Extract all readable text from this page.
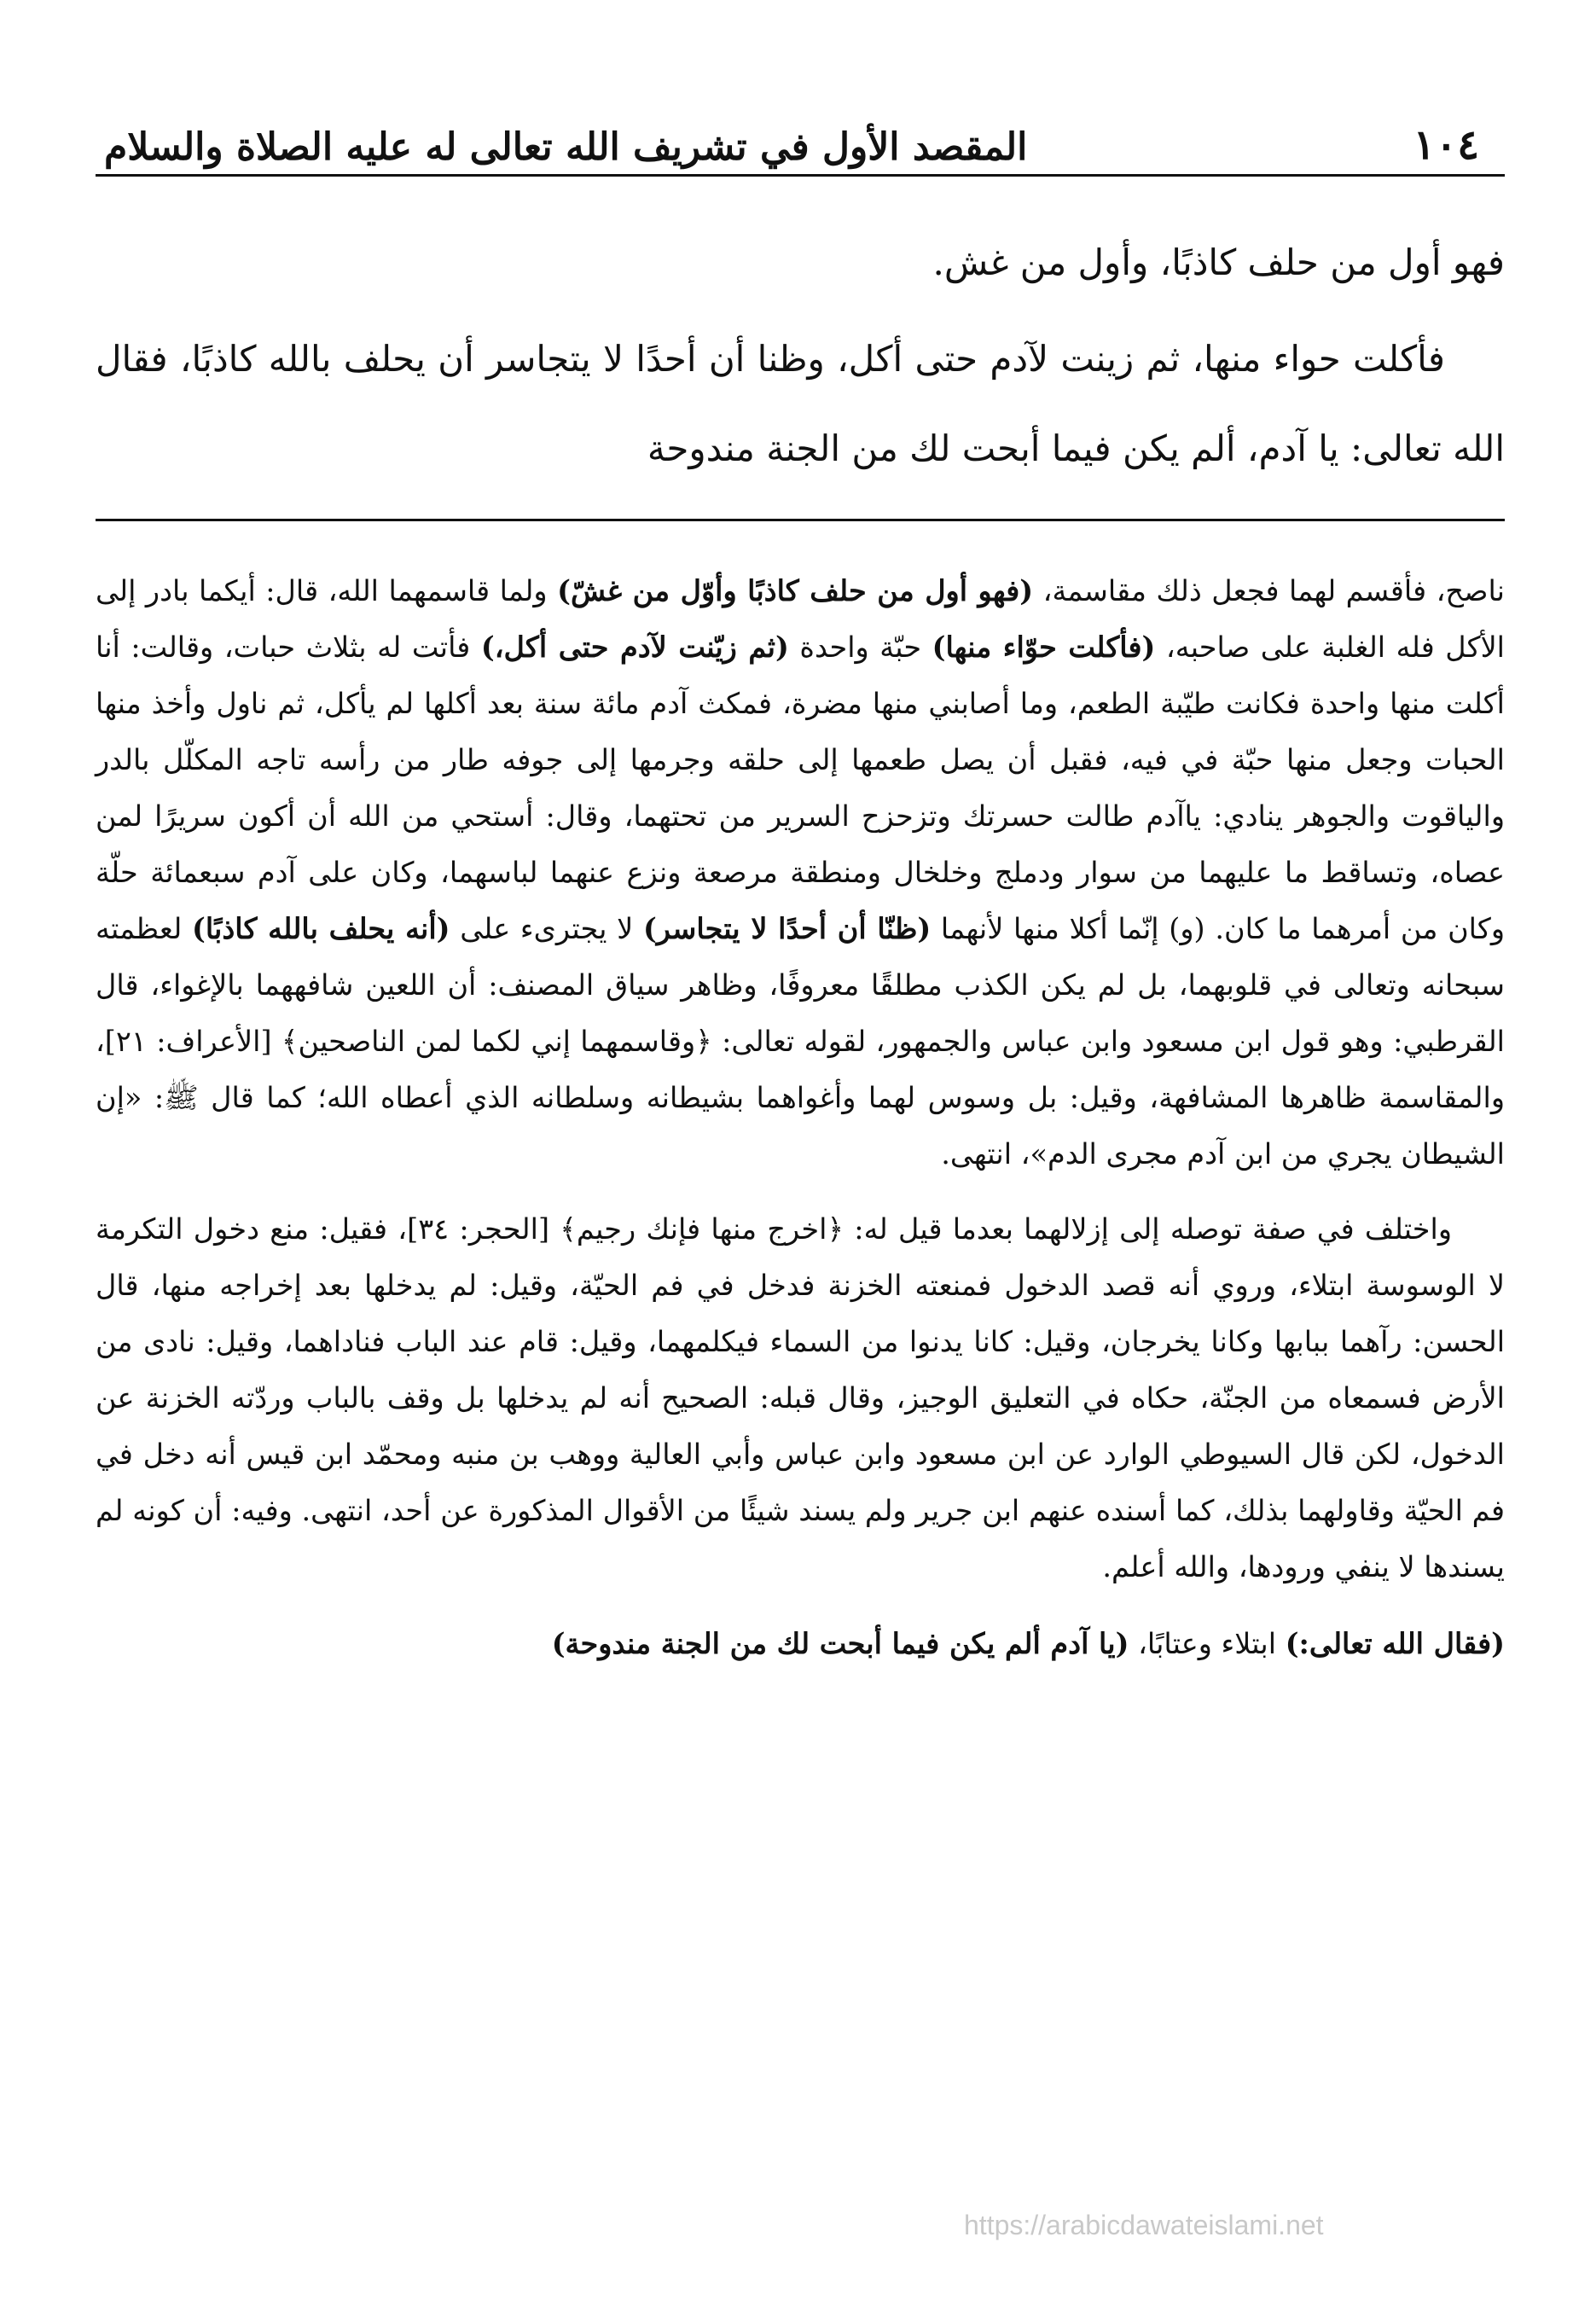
١٠٤
المقصد الأول في تشريف الله تعالى له عليه الصلاة والسلام

فهو أول من حلف كاذبًا، وأول من غش.

فأكلت حواء منها، ثم زينت لآدم حتى أكل، وظنا أن أحدًا لا يتجاسر أن يحلف بالله كاذبًا، فقال الله تعالى: يا آدم، ألم يكن فيما أبحت لك من الجنة مندوحة

ناصح، فأقسم لهما فجعل ذلك مقاسمة، (فهو أول من حلف كاذبًا وأوّل من غشّ) ولما قاسمهما الله، قال: أيكما بادر إلى الأكل فله الغلبة على صاحبه، (فأكلت حوّاء منها) حبّة واحدة (ثم زيّنت لآدم حتى أكل،) فأتت له بثلاث حبات، وقالت: أنا أكلت منها واحدة فكانت طيّبة الطعم، وما أصابني منها مضرة، فمكث آدم مائة سنة بعد أكلها لم يأكل، ثم ناول وأخذ منها الحبات وجعل منها حبّة في فيه، فقبل أن يصل طعمها إلى حلقه وجرمها إلى جوفه طار من رأسه تاجه المكلّل بالدر والياقوت والجوهر ينادي: ياآدم طالت حسرتك وتزحزح السرير من تحتهما، وقال: أستحي من الله أن أكون سريرًا لمن عصاه، وتساقط ما عليهما من سوار ودملج وخلخال ومنطقة مرصعة ونزع عنهما لباسهما، وكان على آدم سبعمائة حلّة وكان من أمرهما ما كان. (و) إنّما أكلا منها لأنهما (ظنّا أن أحدًا لا يتجاسر) لا يجترىء على (أنه يحلف بالله كاذبًا) لعظمته سبحانه وتعالى في قلوبهما، بل لم يكن الكذب مطلقًا معروفًا، وظاهر سياق المصنف: أن اللعين شافههما بالإغواء، قال القرطبي: وهو قول ابن مسعود وابن عباس والجمهور، لقوله تعالى: ﴿وقاسمهما إني لكما لمن الناصحين﴾ [الأعراف: ٢١]، والمقاسمة ظاهرها المشافهة، وقيل: بل وسوس لهما وأغواهما بشيطانه وسلطانه الذي أعطاه الله؛ كما قال ﷺ: «إن الشيطان يجري من ابن آدم مجرى الدم»، انتهى.

واختلف في صفة توصله إلى إزلالهما بعدما قيل له: ﴿اخرج منها فإنك رجيم﴾ [الحجر: ٣٤]، فقيل: منع دخول التكرمة لا الوسوسة ابتلاء، وروي أنه قصد الدخول فمنعته الخزنة فدخل في فم الحيّة، وقيل: لم يدخلها بعد إخراجه منها، قال الحسن: رآهما ببابها وكانا يخرجان، وقيل: كانا يدنوا من السماء فيكلمهما، وقيل: قام عند الباب فناداهما، وقيل: نادى من الأرض فسمعاه من الجنّة، حكاه في التعليق الوجيز، وقال قبله: الصحيح أنه لم يدخلها بل وقف بالباب وردّته الخزنة عن الدخول، لكن قال السيوطي الوارد عن ابن مسعود وابن عباس وأبي العالية ووهب بن منبه ومحمّد ابن قيس أنه دخل في فم الحيّة وقاولهما بذلك، كما أسنده عنهم ابن جرير ولم يسند شيئًا من الأقوال المذكورة عن أحد، انتهى. وفيه: أن كونه لم يسندها لا ينفي ورودها، والله أعلم.

(فقال الله تعالى:) ابتلاء وعتابًا، (يا آدم ألم يكن فيما أبحت لك من الجنة مندوحة)

https://arabicdawateislami.net
